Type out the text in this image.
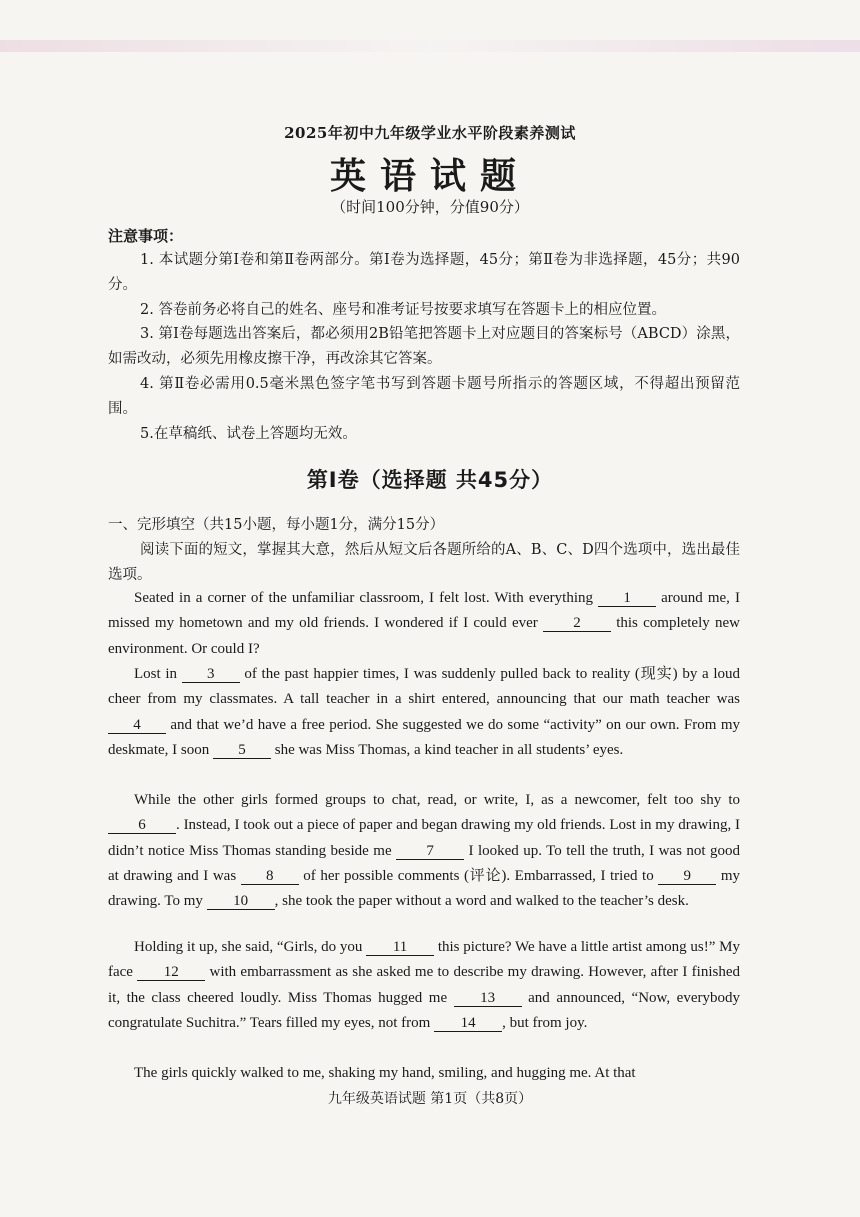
2025年初中九年级学业水平阶段素养测试
英语试题
（时间100分钟，分值90分）
注意事项：
1. 本试题分第Ⅰ卷和第Ⅱ卷两部分。第Ⅰ卷为选择题，45分；第Ⅱ卷为非选择题，45分；共90分。
2. 答卷前务必将自己的姓名、座号和准考证号按要求填写在答题卡上的相应位置。
3. 第Ⅰ卷每题选出答案后，都必须用2B铅笔把答题卡上对应题目的答案标号（ABCD）涂黑，如需改动，必须先用橡皮擦干净，再改涂其它答案。
4. 第Ⅱ卷必需用0.5毫米黑色签字笔书写到答题卡题号所指示的答题区域，不得超出预留范围。
5.在草稿纸、试卷上答题均无效。
第Ⅰ卷（选择题 共45分）
一、完形填空（共15小题，每小题1分，满分15分）
阅读下面的短文，掌握其大意，然后从短文后各题所给的A、B、C、D四个选项中，选出最佳选项。
Seated in a corner of the unfamiliar classroom, I felt lost. With everything 1 around me, I missed my hometown and my old friends. I wondered if I could ever 2 this completely new environment. Or could I?
Lost in 3 of the past happier times, I was suddenly pulled back to reality (现实) by a loud cheer from my classmates. A tall teacher in a shirt entered, announcing that our math teacher was 4 and that we’d have a free period. She suggested we do some “activity” on our own. From my deskmate, I soon 5 she was Miss Thomas, a kind teacher in all students’ eyes.
While the other girls formed groups to chat, read, or write, I, as a newcomer, felt too shy to 6 . Instead, I took out a piece of paper and began drawing my old friends. Lost in my drawing, I didn’t notice Miss Thomas standing beside me 7 I looked up. To tell the truth, I was not good at drawing and I was 8 of her possible comments (评论). Embarrassed, I tried to 9 my drawing. To my 10 , she took the paper without a word and walked to the teacher’s desk.
Holding it up, she said, “Girls, do you 11 this picture? We have a little artist among us!” My face 12 with embarrassment as she asked me to describe my drawing. However, after I finished it, the class cheered loudly. Miss Thomas hugged me 13 and announced, “Now, everybody congratulate Suchitra.” Tears filled my eyes, not from 14 , but from joy.
The girls quickly walked to me, shaking my hand, smiling, and hugging me. At that
九年级英语试题 第1页（共8页）
